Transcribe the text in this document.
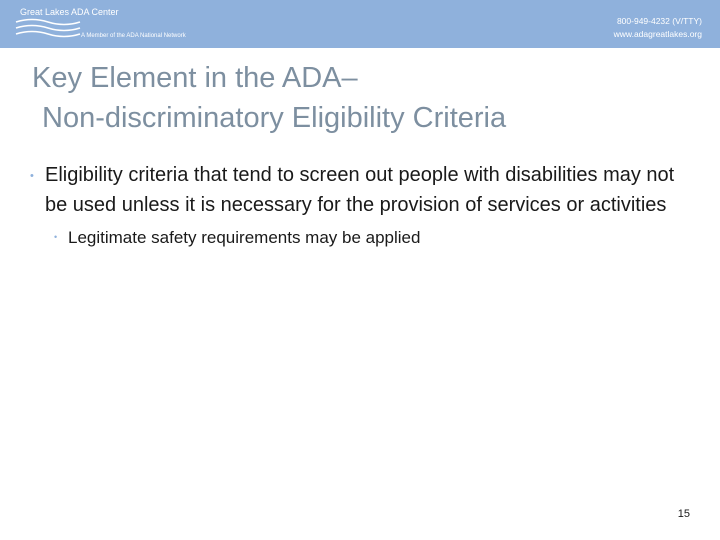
Great Lakes ADA Center
A Member of the ADA National Network
800-949-4232 (V/TTY)
www.adagreatlakes.org
Key Element in the ADA–
Non-discriminatory Eligibility Criteria
• Eligibility criteria that tend to screen out people with disabilities may not be used unless it is necessary for the provision of services or activities
• Legitimate safety requirements may be applied
15
